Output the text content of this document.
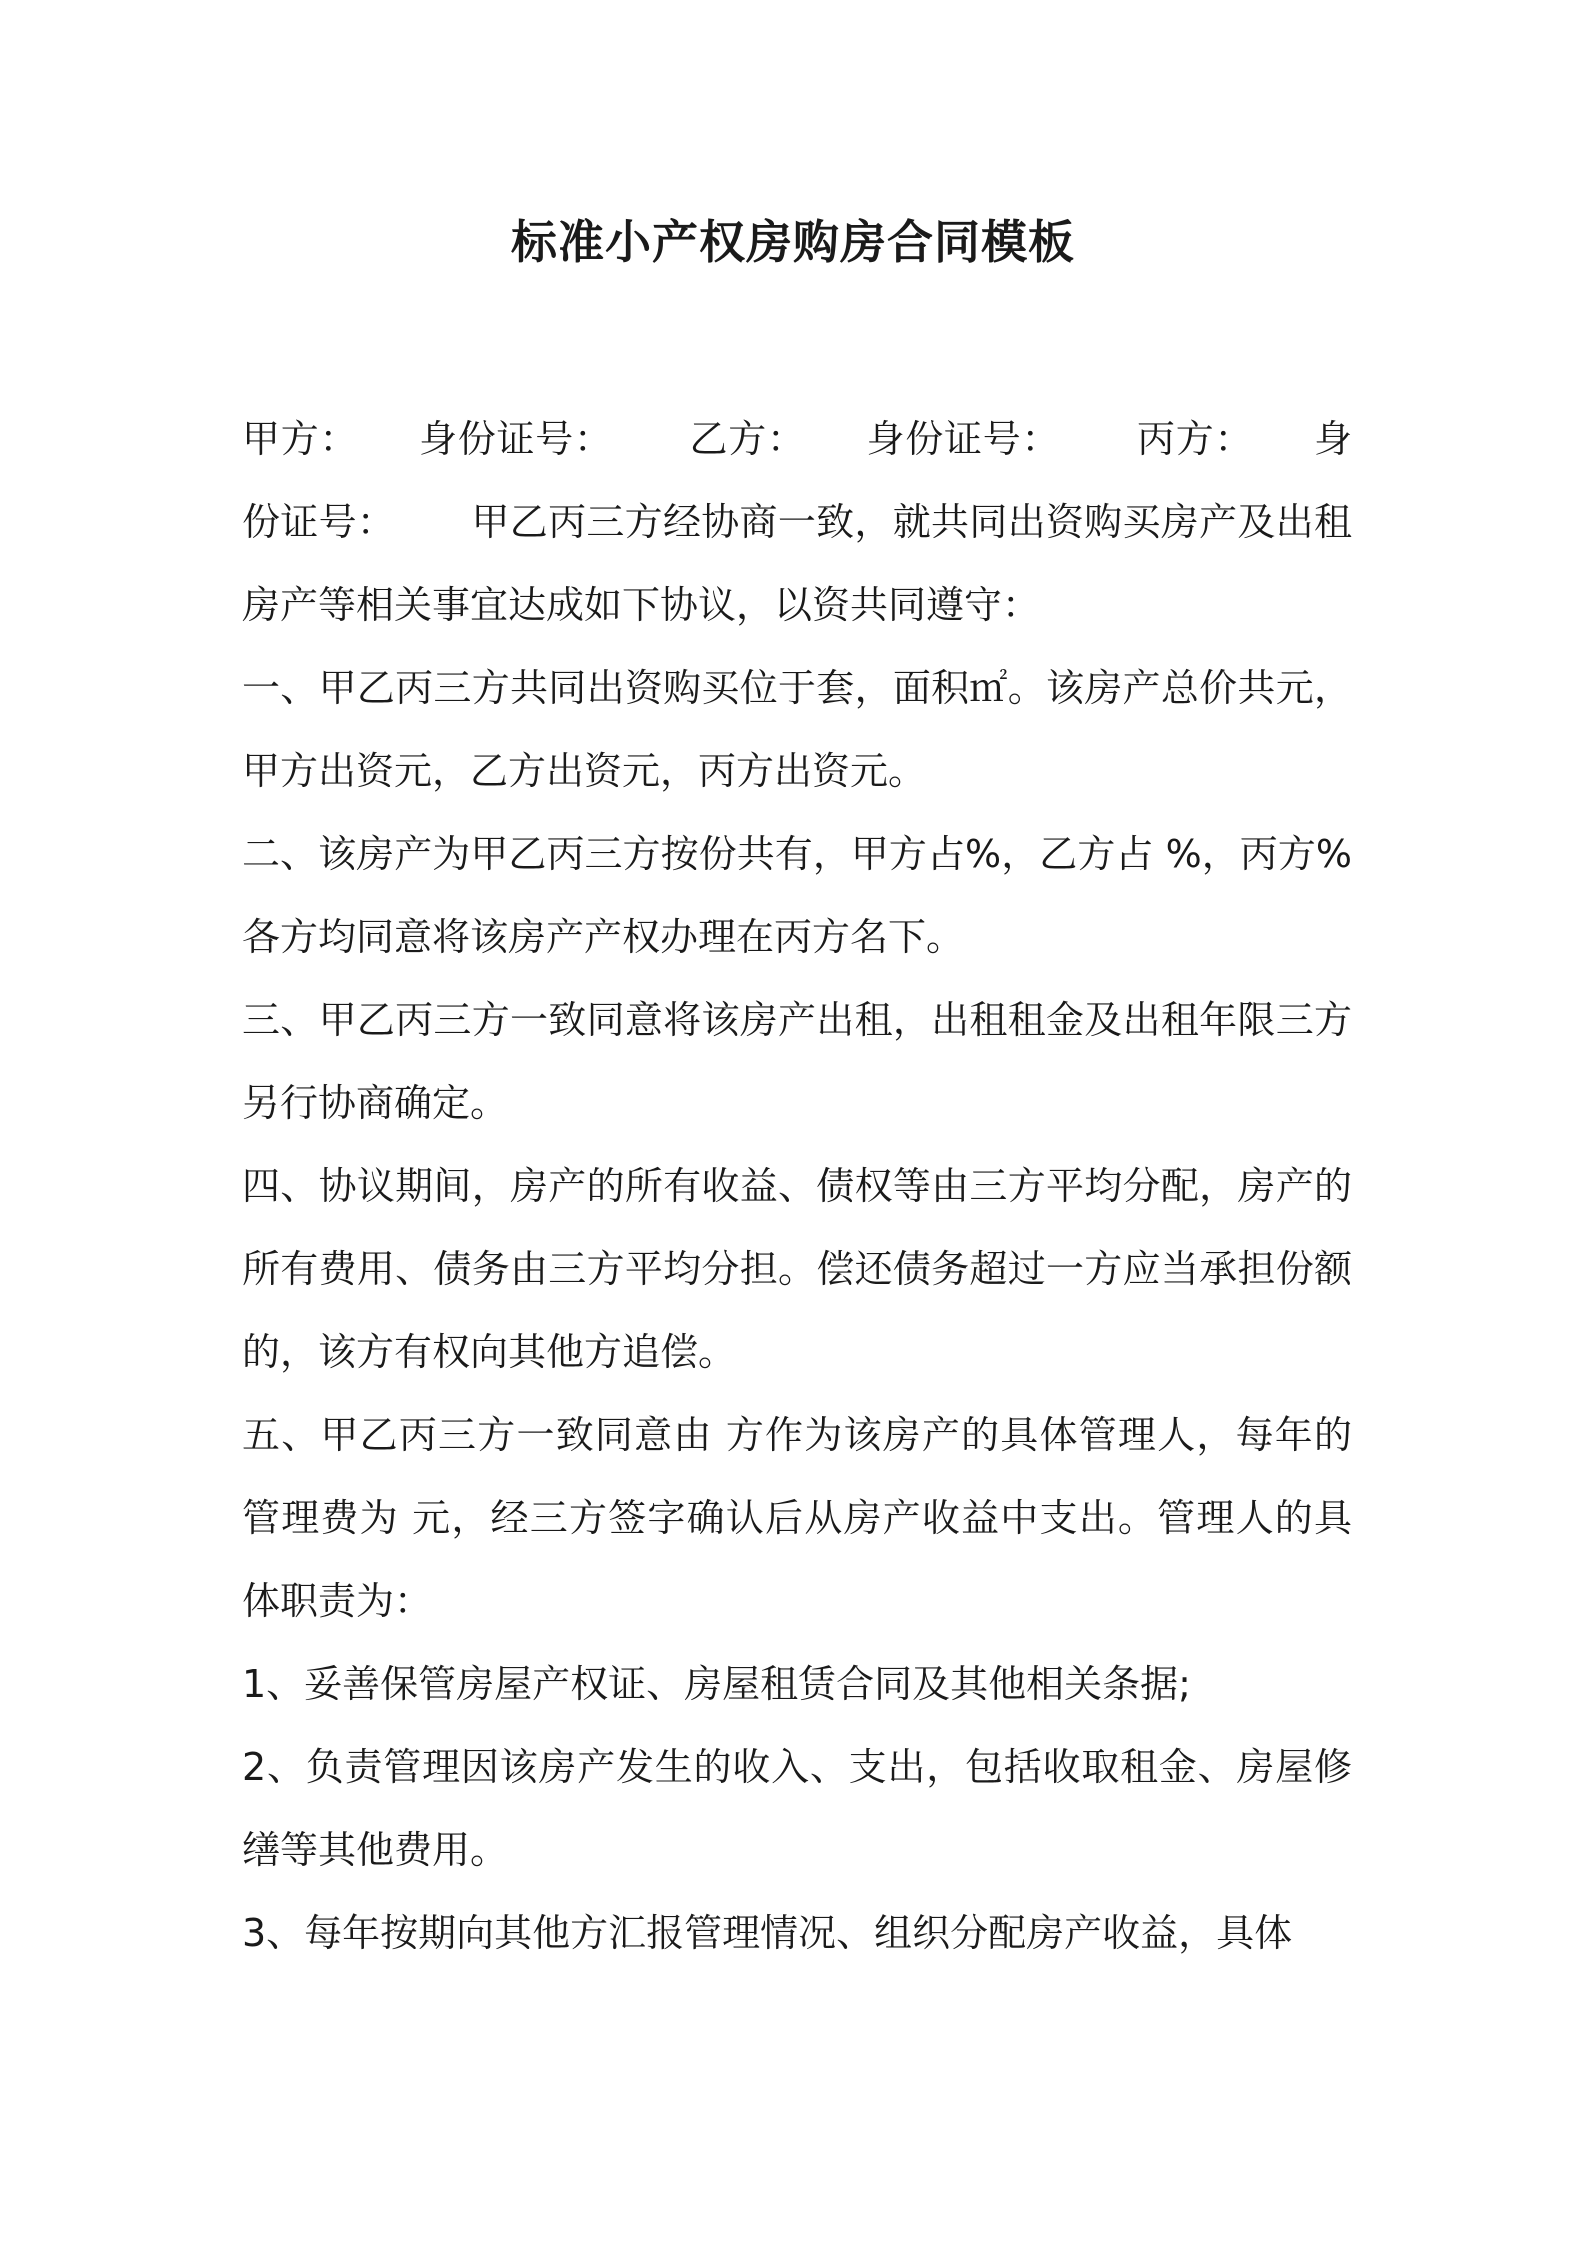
标准小产权房购房合同模板

甲方： 身份证号： 乙方： 身份证号： 丙方： 身份证号： 甲乙丙三方经协商一致，就共同出资购买房产及出租房产等相关事宜达成如下协议，以资共同遵守：

一、甲乙丙三方共同出资购买位于套，面积㎡。该房产总价共元，甲方出资元，乙方出资元，丙方出资元。

二、该房产为甲乙丙三方按份共有，甲方占%，乙方占 %，丙方%各方均同意将该房产产权办理在丙方名下。

三、甲乙丙三方一致同意将该房产出租，出租租金及出租年限三方另行协商确定。

四、协议期间，房产的所有收益、债权等由三方平均分配，房产的所有费用、债务由三方平均分担。偿还债务超过一方应当承担份额的，该方有权向其他方追偿。

五、甲乙丙三方一致同意由 方作为该房产的具体管理人，每年的管理费为 元，经三方签字确认后从房产收益中支出。管理人的具体职责为：

1、妥善保管房屋产权证、房屋租赁合同及其他相关条据;

2、负责管理因该房产发生的收入、支出，包括收取租金、房屋修缮等其他费用。

3、每年按期向其他方汇报管理情况、组织分配房产收益，具体
